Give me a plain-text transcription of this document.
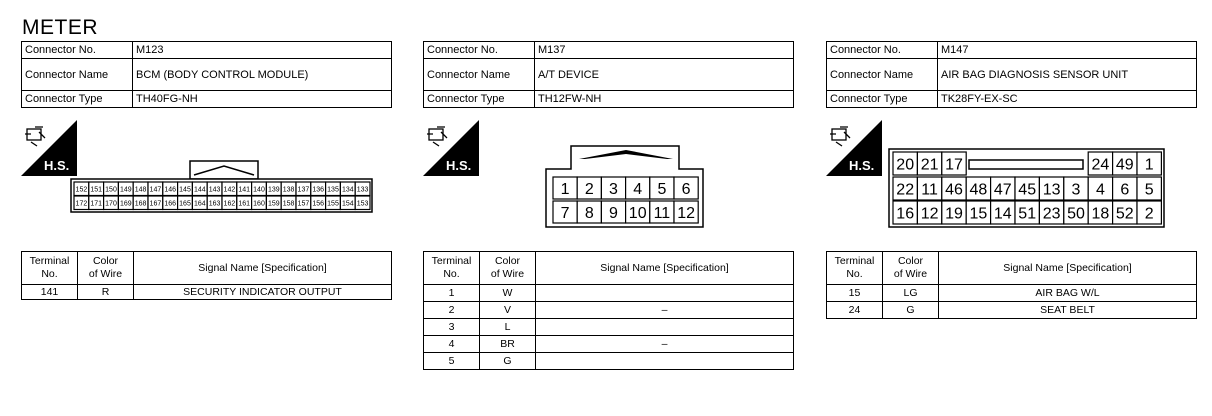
METER
Connector No.	M123
Connector Name	BCM (BODY CONTROL MODULE)
Connector Type	TH40FG-NH
H.S.
152 151 150 149 148 147 146 145 144 143 142 141 140 139 138 137 136 135 134 133
172 171 170 169 168 167 166 165 164 163 162 161 160 159 158 157 156 155 154 153
Terminal
No.	Color
of Wire	Signal Name [Specification]
141	R	SECURITY INDICATOR OUTPUT
Connector No.	M137
Connector Name	A/T DEVICE
Connector Type	TH12FW-NH
H.S.
1 2 3 4 5 6
7 8 9 10 11 12
Terminal
No.	Color
of Wire	Signal Name [Specification]
1	W	
2	V	–
3	L	
4	BR	–
5	G	
Connector No.	M147
Connector Name	AIR BAG DIAGNOSIS SENSOR UNIT
Connector Type	TK28FY-EX-SC
H.S. 20 21 17	24 49 1
22 11 46 48 47 45 13 3 4 6 5
16 12 19 15 14 51 23 50 18 52 2
Terminal
No.	Color
of Wire	Signal Name [Specification]
15	LG	AIR BAG W/L
24	G	SEAT BELT
